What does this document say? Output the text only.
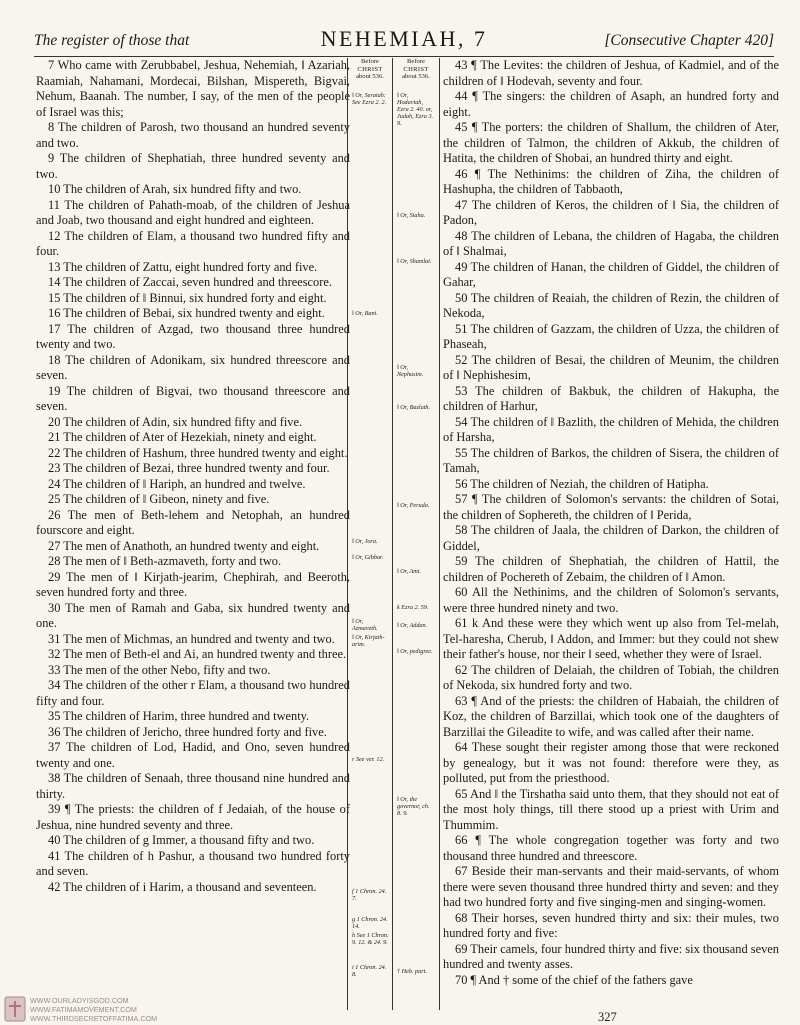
The register of those that	NEHEMIAH, 7	[Consecutive Chapter 420]

7 Who came with Zerubbabel, Jeshua, Nehemiah, ‖ Azariah, Raamiah, Nahamani, Mordecai, Bilshan, Mispereth, Bigvai, Nehum, Baanah. The number, I say, of the men of the people of Israel was this;

8 The children of Parosh, two thousand an hundred seventy and two.

9 The children of Shephatiah, three hundred seventy and two.

10 The children of Arah, six hundred fifty and two.

11 The children of Pahath-moab, of the children of Jeshua and Joab, two thousand and eight hundred and eighteen.

12 The children of Elam, a thousand two hundred fifty and four.

13 The children of Zattu, eight hundred forty and five.

14 The children of Zaccai, seven hundred and threescore.

15 The children of ‖ Binnui, six hundred forty and eight.

16 The children of Bebai, six hundred twenty and eight.

17 The children of Azgad, two thousand three hundred twenty and two.

18 The children of Adonikam, six hundred threescore and seven.

19 The children of Bigvai, two thousand threescore and seven.

20 The children of Adin, six hundred fifty and five.

21 The children of Ater of Hezekiah, ninety and eight.

22 The children of Hashum, three hundred twenty and eight.

23 The children of Bezai, three hundred twenty and four.

24 The children of ‖ Hariph, an hundred and twelve.

25 The children of ‖ Gibeon, ninety and five.

26 The men of Beth-lehem and Netophah, an hundred fourscore and eight.

27 The men of Anathoth, an hundred twenty and eight.

28 The men of ‖ Beth-azmaveth, forty and two.

29 The men of ‖ Kirjath-jearim, Chephirah, and Beeroth, seven hundred forty and three.

30 The men of Ramah and Gaba, six hundred twenty and one.

31 The men of Michmas, an hundred and twenty and two.

32 The men of Beth-el and Ai, an hundred twenty and three.

33 The men of the other Nebo, fifty and two.

34 The children of the other r Elam, a thousand two hundred fifty and four.

35 The children of Harim, three hundred and twenty.

36 The children of Jericho, three hundred forty and five.

37 The children of Lod, Hadid, and Ono, seven hundred twenty and one.

38 The children of Senaah, three thousand nine hundred and thirty.

39 ¶ The priests: the children of f Jedaiah, of the house of Jeshua, nine hundred seventy and three.

40 The children of g Immer, a thousand fifty and two.

41 The children of h Pashur, a thousand two hundred forty and seven.

42 The children of i Harim, a thousand and seventeen.

Before
CHRIST
about 536.
‖ Or, Seraiah: See Ezra 2. 2.
‖ Or, Bani.
‖ Or, Jora.
‖ Or, Gibbar.
‖ Or, Azmaveth.
‖ Or, Kirjath-arim.
r See ver. 12.
f 1 Chron. 24. 7.
g 1 Chron. 24. 14.
h See 1 Chron. 9. 12. & 24. 9.
i 1 Chron. 24. 8.
Before
CHRIST
about 536.
‖ Or, Hodaviah, Ezra 2. 40. or, Judah, Ezra 3. 9.
‖ Or, Siaha.
‖ Or, Shamlai.
‖ Or, Nephusim.
‖ Or, Bazluth.
‖ Or, Peruda.
‖ Or, Ami.
k Ezra 2. 59.
‖ Or, Addan.
‖ Or, pedigree.
‖ Or, the governor, ch. 8. 9.
† Heb. part.

43 ¶ The Levites: the children of Jeshua, of Kadmiel, and of the children of ‖ Hodevah, seventy and four.

44 ¶ The singers: the children of Asaph, an hundred forty and eight.

45 ¶ The porters: the children of Shallum, the children of Ater, the children of Talmon, the children of Akkub, the children of Hatita, the children of Shobai, an hundred thirty and eight.

46 ¶ The Nethinims: the children of Ziha, the children of Hashupha, the children of Tabbaoth,

47 The children of Keros, the children of ‖ Sia, the children of Padon,

48 The children of Lebana, the children of Hagaba, the children of ‖ Shalmai,

49 The children of Hanan, the children of Giddel, the children of Gahar,

50 The children of Reaiah, the children of Rezin, the children of Nekoda,

51 The children of Gazzam, the children of Uzza, the children of Phaseah,

52 The children of Besai, the children of Meunim, the children of ‖ Nephishesim,

53 The children of Bakbuk, the children of Hakupha, the children of Harhur,

54 The children of ‖ Bazlith, the children of Mehida, the children of Harsha,

55 The children of Barkos, the children of Sisera, the children of Tamah,

56 The children of Neziah, the children of Hatipha.

57 ¶ The children of Solomon's servants: the children of Sotai, the children of Sophereth, the children of ‖ Perida,

58 The children of Jaala, the children of Darkon, the children of Giddel,

59 The children of Shephatiah, the children of Hattil, the children of Pochereth of Zebaim, the children of ‖ Amon.

60 All the Nethinims, and the children of Solomon's servants, were three hundred ninety and two.

61 k And these were they which went up also from Tel-melah, Tel-haresha, Cherub, ‖ Addon, and Immer: but they could not shew their father's house, nor their ‖ seed, whether they were of Israel.

62 The children of Delaiah, the children of Tobiah, the children of Nekoda, six hundred forty and two.

63 ¶ And of the priests: the children of Habaiah, the children of Koz, the children of Barzillai, which took one of the daughters of Barzillai the Gileadite to wife, and was called after their name.

64 These sought their register among those that were reckoned by genealogy, but it was not found: therefore were they, as polluted, put from the priesthood.

65 And ‖ the Tirshatha said unto them, that they should not eat of the most holy things, till there stood up a priest with Urim and Thummim.

66 ¶ The whole congregation together was forty and two thousand three hundred and threescore.

67 Beside their man-servants and their maid-servants, of whom there were seven thousand three hundred thirty and seven: and they had two hundred forty and five singing-men and singing-women.

68 Their horses, seven hundred thirty and six: their mules, two hundred forty and five:

69 Their camels, four hundred thirty and five: six thousand seven hundred and twenty asses.

70 ¶ And † some of the chief of the fathers gave

WWW.OURLADYISGOD.COM
WWW.FATIMAMOVEMENT.COM
WWW.THIRDSECRETOFFATIMA.COM	327
